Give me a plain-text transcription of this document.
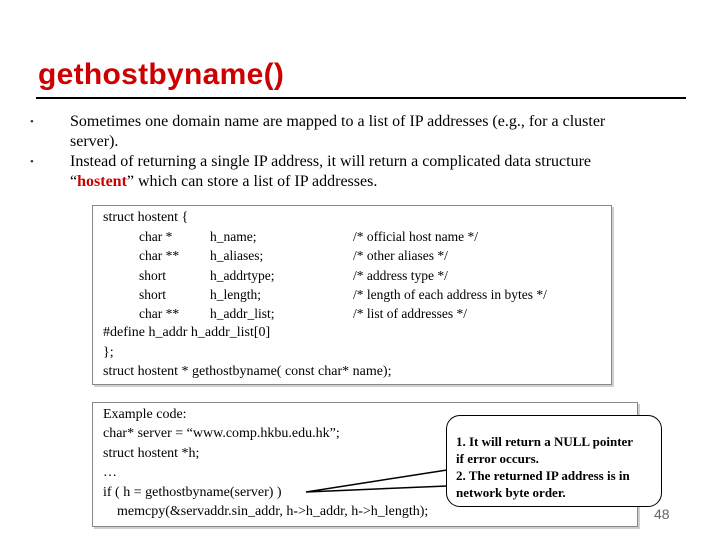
gethostbyname()
• Sometimes one domain name are mapped to a list of IP addresses (e.g., for a cluster
server).
• Instead of returning a single IP address, it will return a complicated data structure
“hostent” which can store a list of IP addresses.
struct hostent {
char *	h_name;	/* official host name */
char ** h_aliases;	/* other aliases */
short	h_addrtype;	/* address type */
short	h_length;	/* length of each address in bytes */
char ** h_addr_list;	/* list of addresses */
#define h_addr h_addr_list[0]
};
struct hostent * gethostbyname( const char* name);
Example code:
char* server = “www.comp.hkbu.edu.hk”;
struct hostent *h;
…
if ( h = gethostbyname(server) )
memcpy(&servaddr.sin_addr, h->h_addr, h->h_length);
1. It will return a NULL pointer
if error occurs.
2. The returned IP address is in
network byte order.
48
